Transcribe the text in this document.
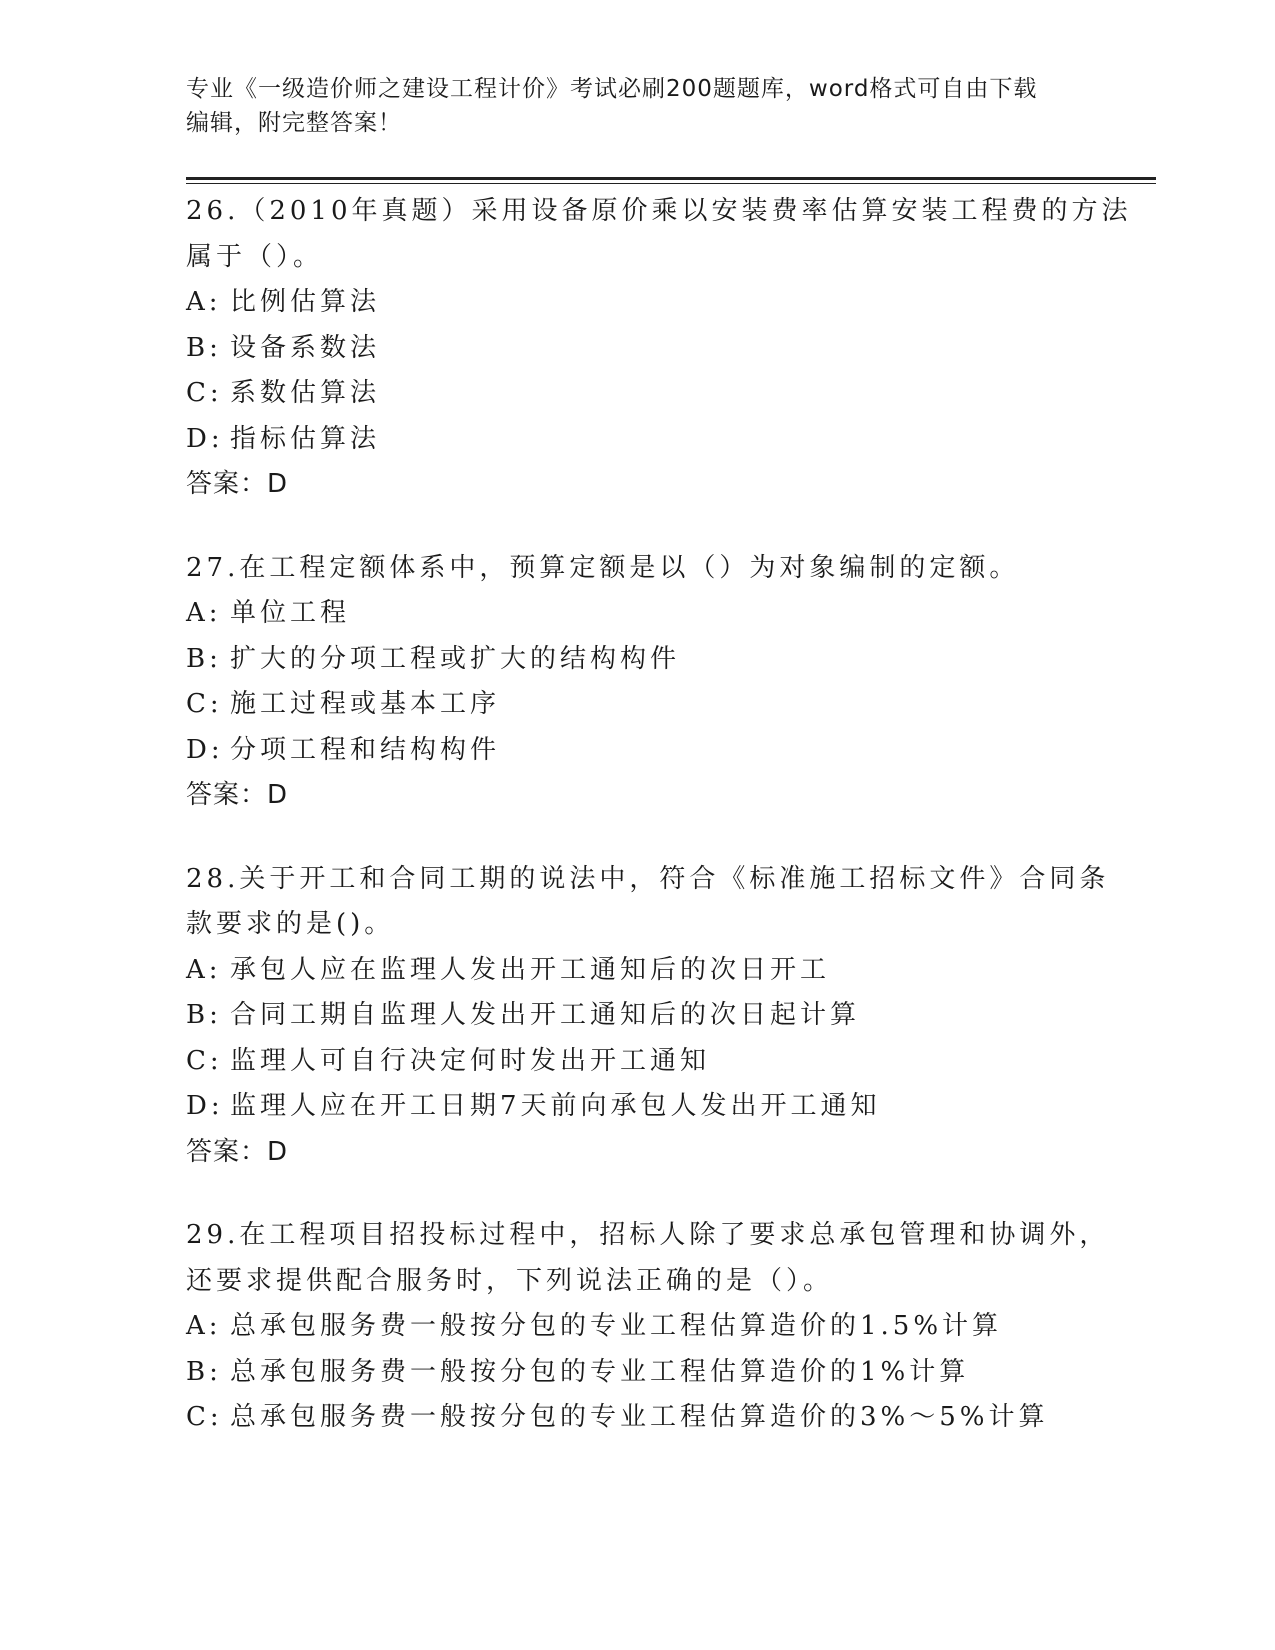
专业《一级造价师之建设工程计价》考试必刷200题题库，word格式可自由下载
编辑，附完整答案！
26.（2010年真题）采用设备原价乘以安装费率估算安装工程费的方法
属于（）。
A: 比例估算法
B: 设备系数法
C: 系数估算法
D: 指标估算法
答案：D
27.在工程定额体系中，预算定额是以（）为对象编制的定额。
A: 单位工程
B: 扩大的分项工程或扩大的结构构件
C: 施工过程或基本工序
D: 分项工程和结构构件
答案：D
28.关于开工和合同工期的说法中，符合《标准施工招标文件》合同条
款要求的是()。
A: 承包人应在监理人发出开工通知后的次日开工
B: 合同工期自监理人发出开工通知后的次日起计算
C: 监理人可自行决定何时发出开工通知
D: 监理人应在开工日期7天前向承包人发出开工通知
答案：D
29.在工程项目招投标过程中，招标人除了要求总承包管理和协调外，
还要求提供配合服务时，下列说法正确的是（）。
A: 总承包服务费一般按分包的专业工程估算造价的1.5%计算
B: 总承包服务费一般按分包的专业工程估算造价的1%计算
C: 总承包服务费一般按分包的专业工程估算造价的3%～5%计算
